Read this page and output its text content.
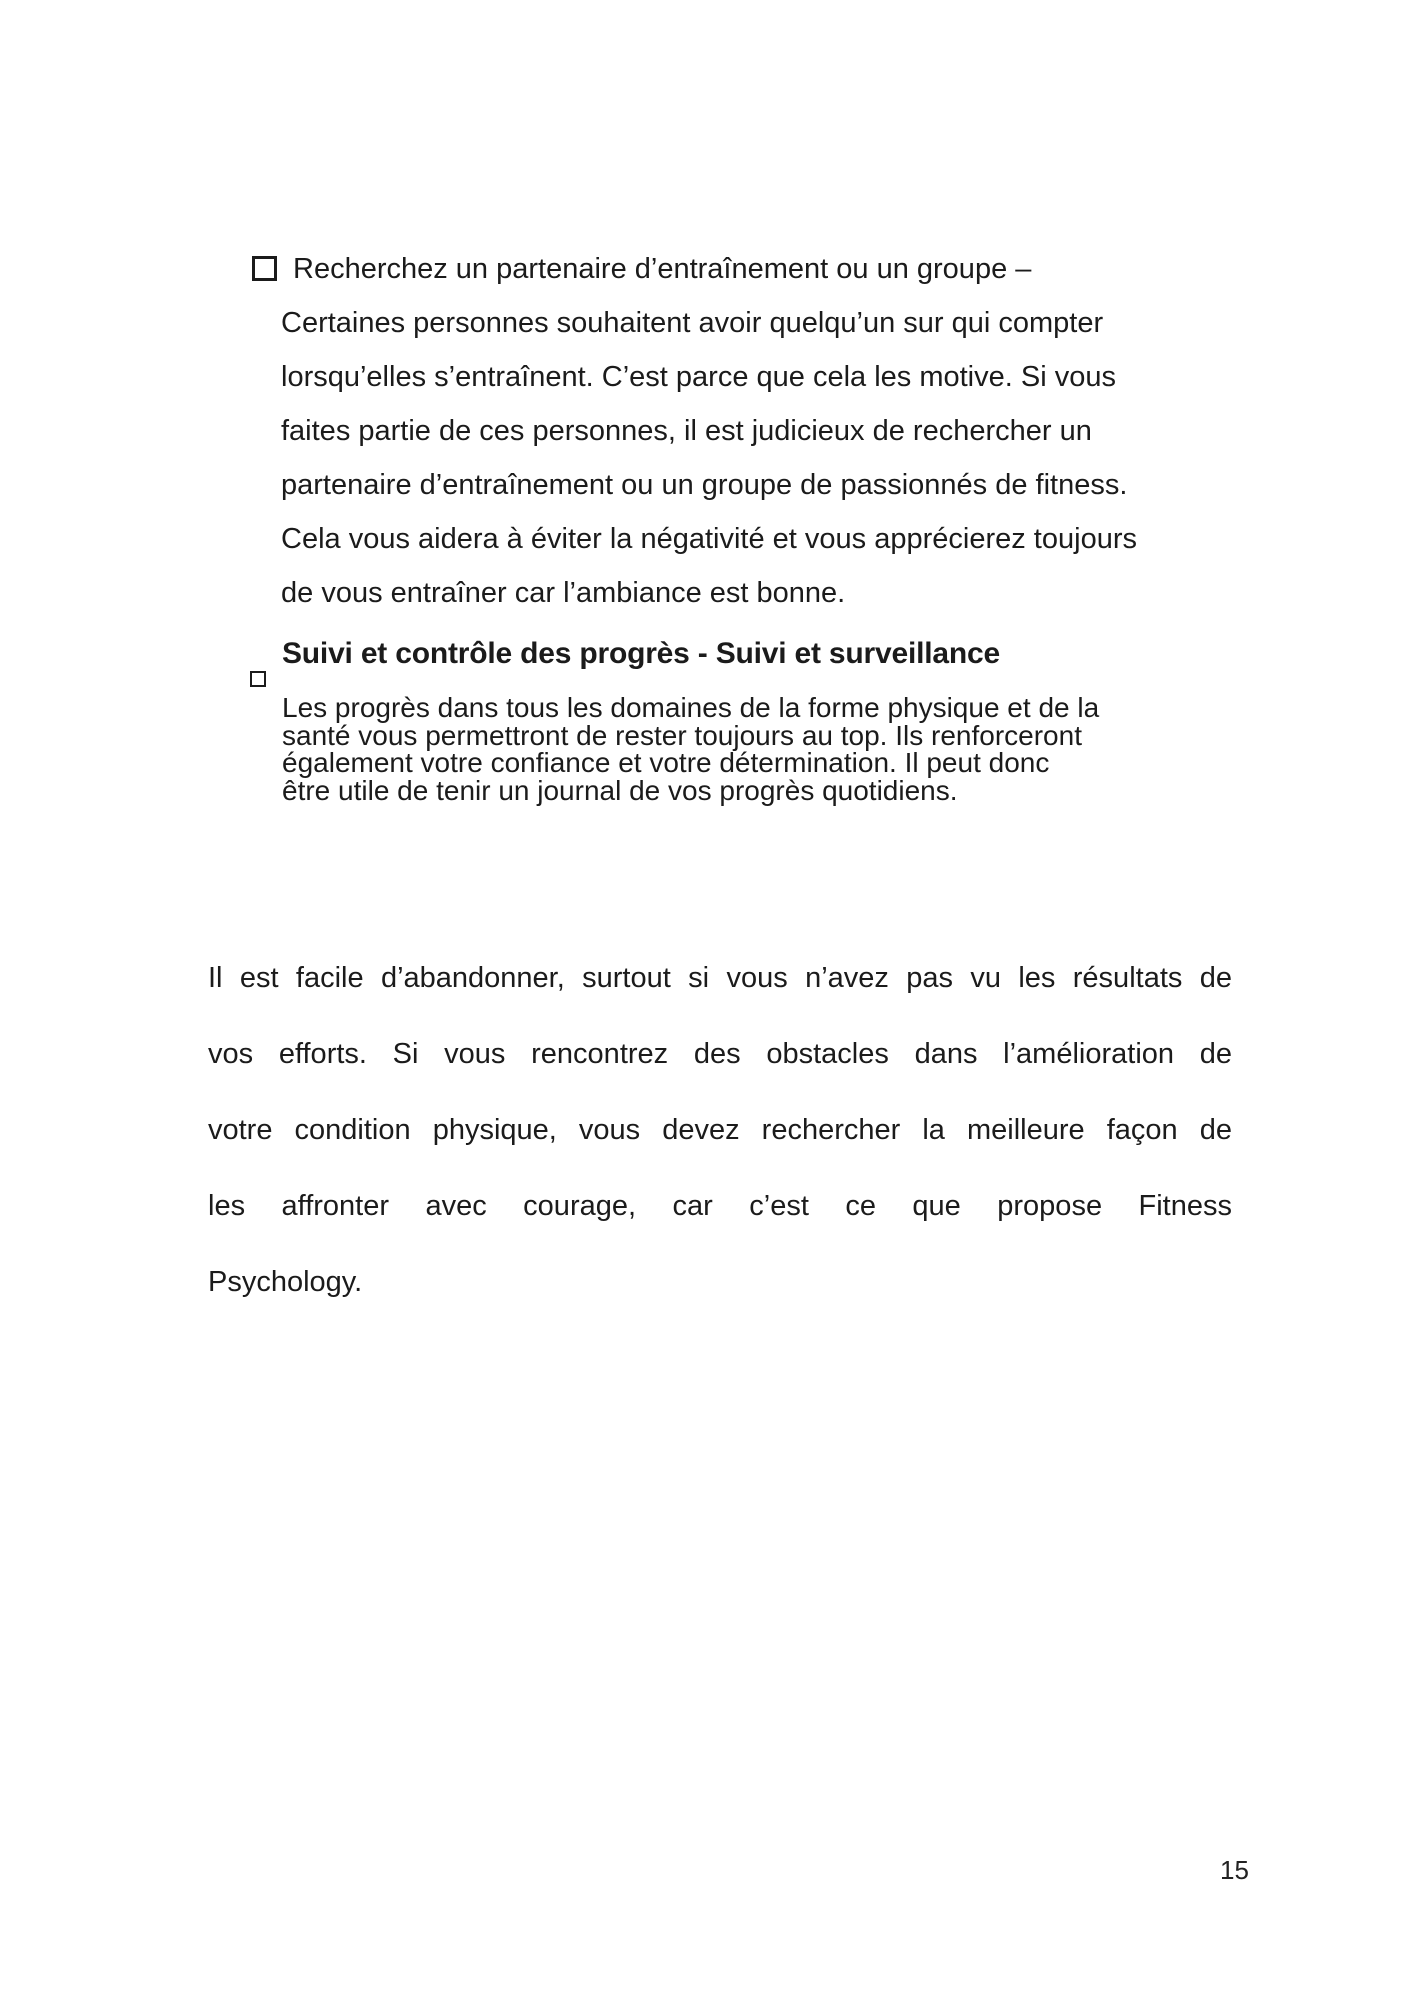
Recherchez un partenaire d’entraînement ou un groupe –
Certaines personnes souhaitent avoir quelqu’un sur qui compter
lorsqu’elles s’entraînent. C’est parce que cela les motive. Si vous
faites partie de ces personnes, il est judicieux de rechercher un
partenaire d’entraînement ou un groupe de passionnés de fitness.
Cela vous aidera à éviter la négativité et vous apprécierez toujours
de vous entraîner car l’ambiance est bonne.
Suivi et contrôle des progrès - Suivi et surveillance
Les progrès dans tous les domaines de la forme physique et de la
santé vous permettront de rester toujours au top. Ils renforceront
également votre confiance et votre détermination. Il peut donc
être utile de tenir un journal de vos progrès quotidiens.
Il est facile d’abandonner, surtout si vous n’avez pas vu les résultats de
vos efforts. Si vous rencontrez des obstacles dans l’amélioration de
votre condition physique, vous devez rechercher la meilleure façon de
les affronter avec courage, car c’est ce que propose Fitness
Psychology.
15
